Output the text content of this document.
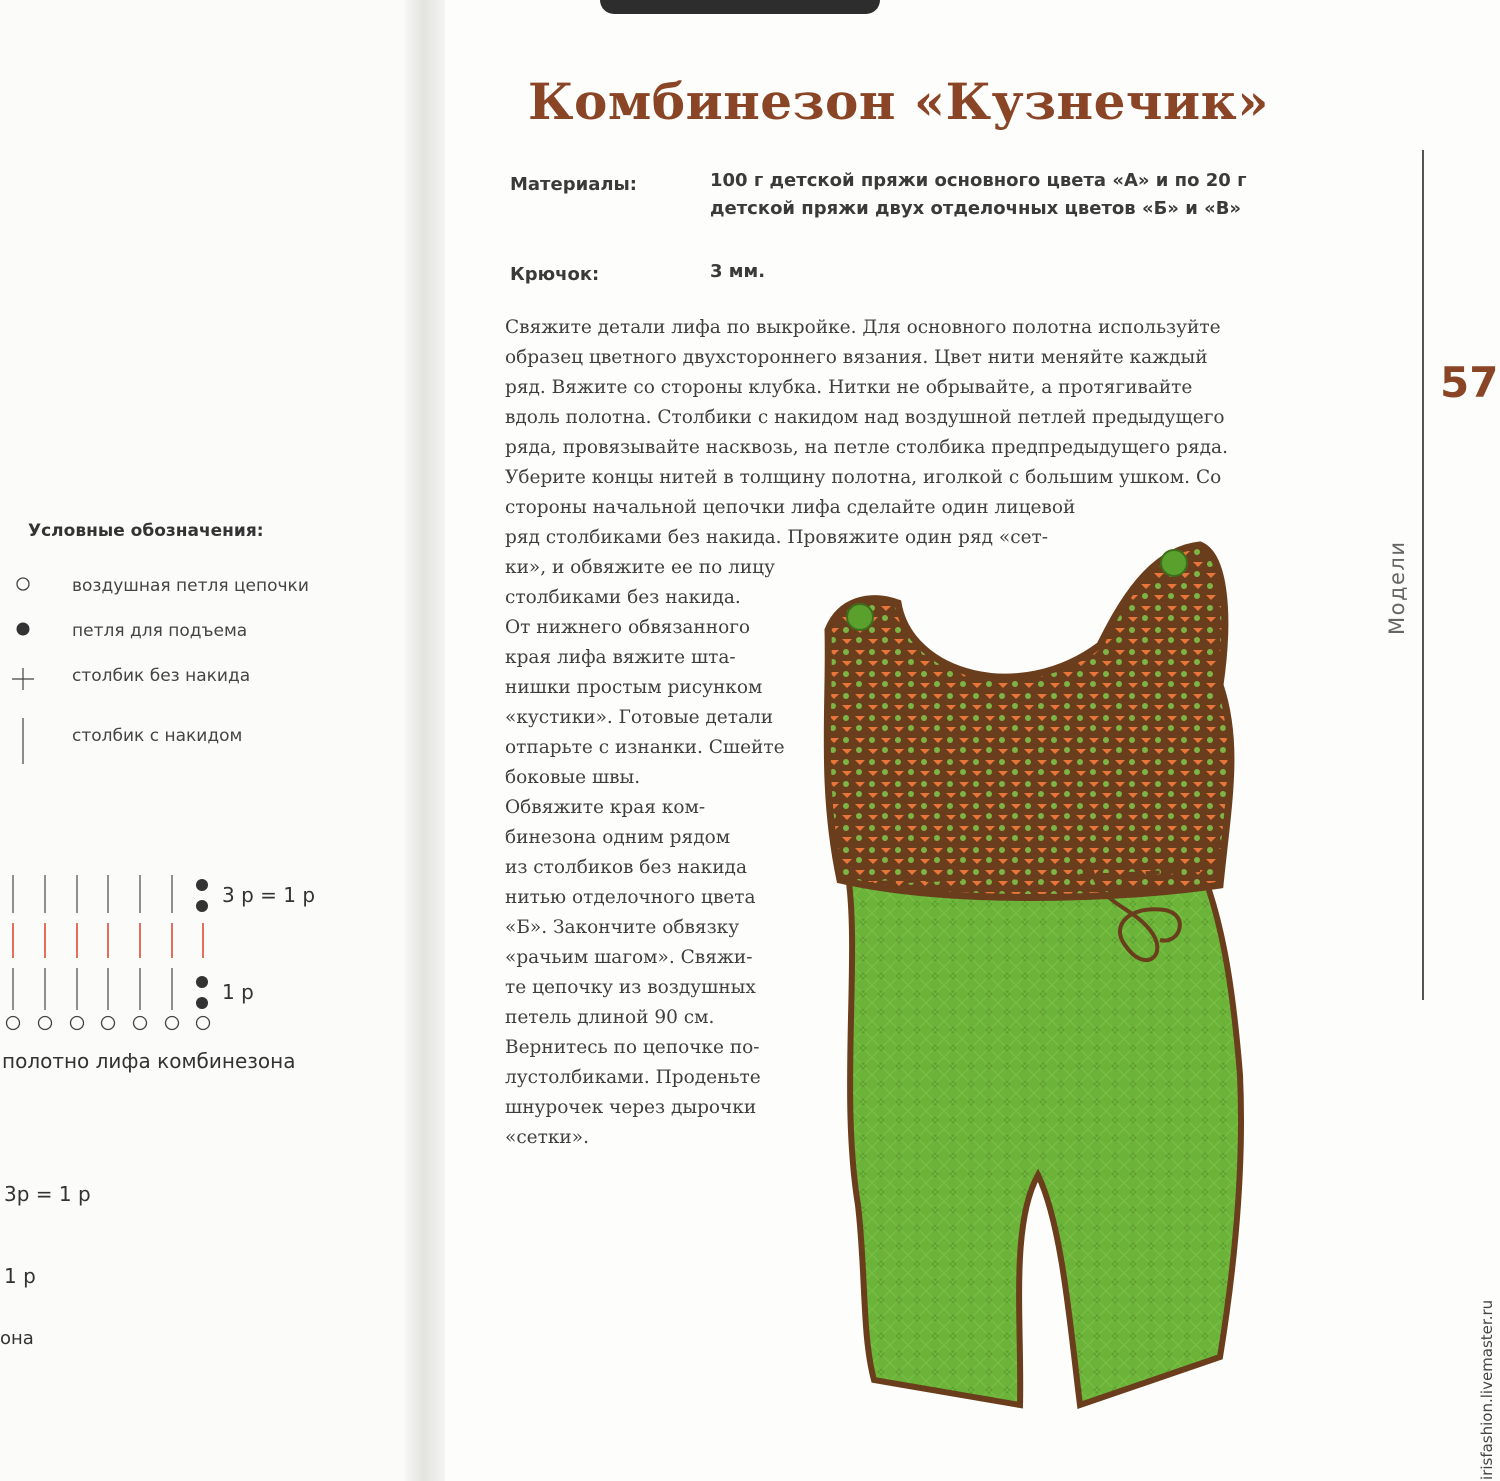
Условные обозначения:
воздушная петля цепочки
петля для подъема
столбик без накида
столбик с накидом
3 р = 1 р
1 р
полотно лифа комбинезона
3р = 1 р
1 р
она
Комбинезон «Кузнечик»
Материалы:	100 г детской пряжи основного цвета «А» и по 20 г
детской пряжи двух отделочных цветов «Б» и «В»
Крючок:	3 мм.
Свяжите детали лифа по выкройке. Для основного полотна используйте
образец цветного двухстороннего вязания. Цвет нити меняйте каждый
ряд. Вяжите со стороны клубка. Нитки не обрывайте, а протягивайте
вдоль полотна. Столбики с накидом над воздушной петлей предыдущего
ряда, провязывайте насквозь, на петле столбика предпредыдущего ряда.
Уберите концы нитей в толщину полотна, иголкой с большим ушком. Со
стороны начальной цепочки лифа сделайте один лицевой
ряд столбиками без накида. Провяжите один ряд «сет-
ки», и обвяжите ее по лицу
столбиками без накида.
От нижнего обвязанного
края лифа вяжите шта-
нишки простым рисунком
«кустики». Готовые детали
отпарьте с изнанки. Сшейте
боковые швы.
Обвяжите края ком-
бинезона одним рядом
из столбиков без накида
нитью отделочного цвета
«Б». Закончите обвязку
«рачьим шагом». Свяжи-
те цепочку из воздушных
петель длиной 90 см.
Вернитесь по цепочке по-
лустолбиками. Проденьте
шнурочек через дырочки
«сетки».
57
Модели
irisfashion.livemaster.ru
